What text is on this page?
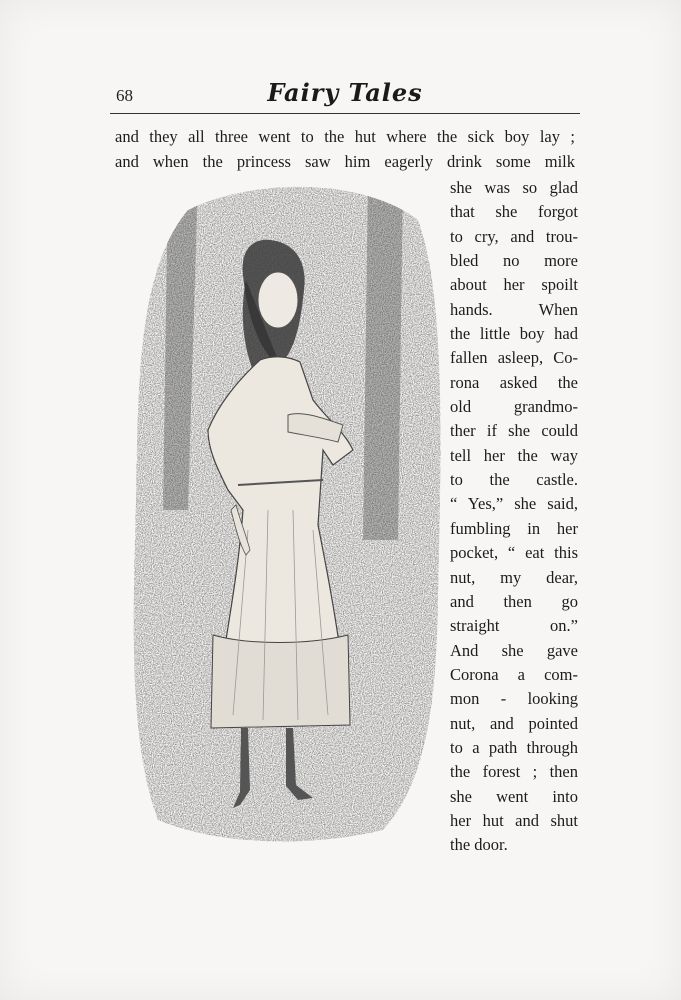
68	Fairy Tales
and they all three went to the hut where the sick boy lay ;
and when the princess saw him eagerly drink some milk
she was so glad
that she forgot
to cry, and trou-
bled no more
about her spoilt
hands. When
the little boy had
fallen asleep, Co-
rona asked the
old grandmo-
ther if she could
tell her the way
to the castle.
“ Yes,” she said,
fumbling in her
pocket, “ eat this
nut, my dear,
and then go
straight on.”
And she gave
Corona a com-
mon - looking
nut, and pointed
to a path through
the forest ; then
she went into
her hut and shut
the door.
